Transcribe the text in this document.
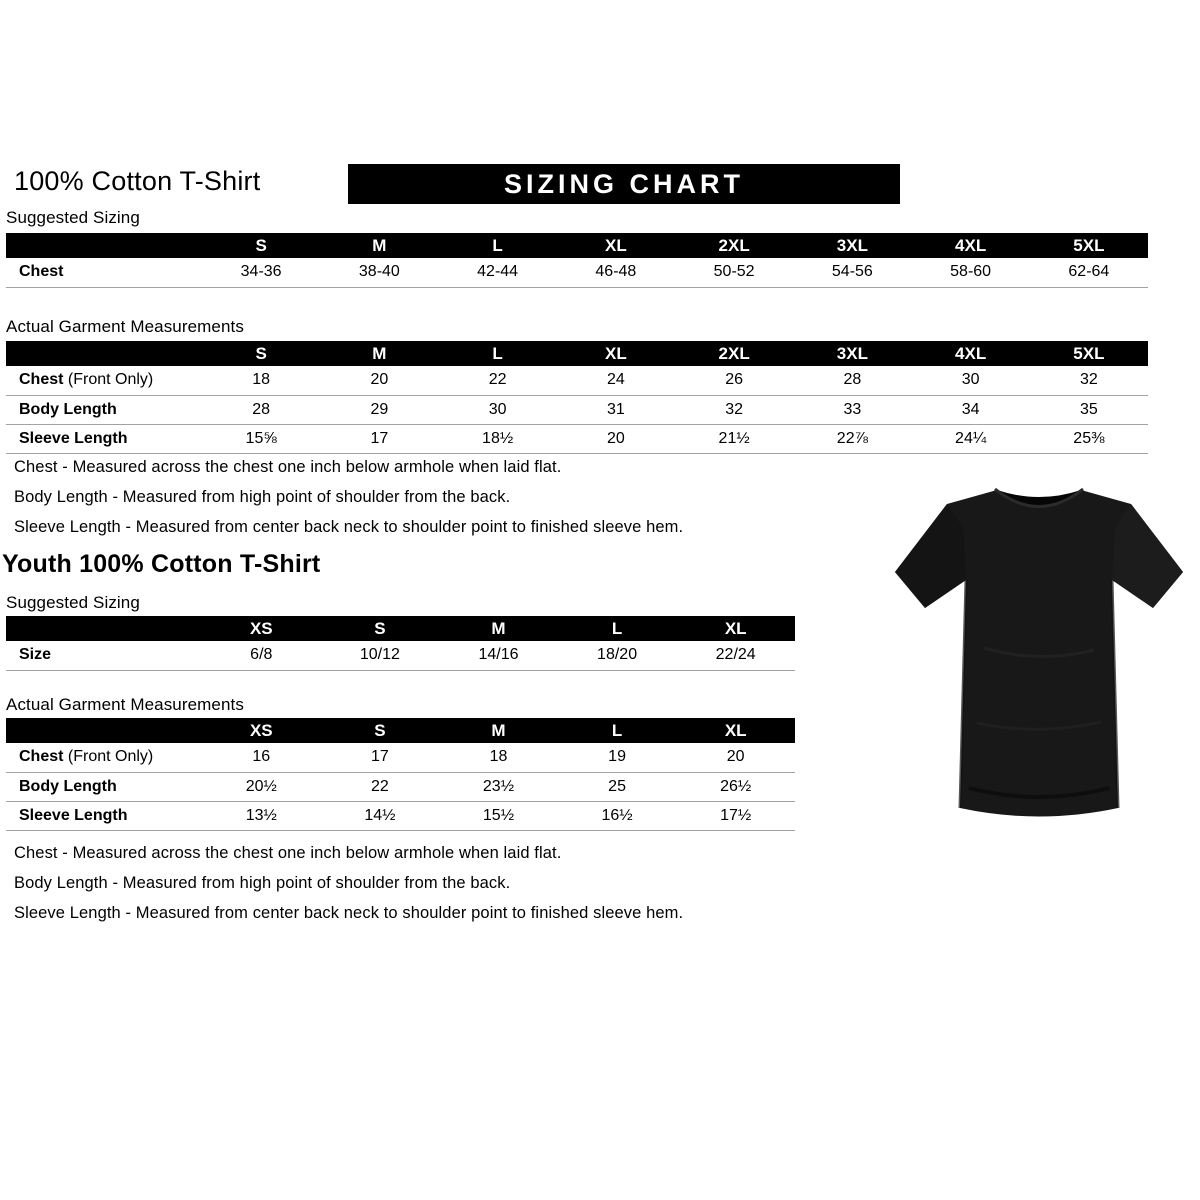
100% Cotton T-Shirt	SIZING CHART
Suggested Sizing
	S	M	L	XL	2XL	3XL	4XL	5XL
Chest	34-36	38-40	42-44	46-48	50-52	54-56	58-60	62-64
Actual Garment Measurements
	S	M	L	XL	2XL	3XL	4XL	5XL
Chest (Front Only)	18	20	22	24	26	28	30	32
Body Length	28	29	30	31	32	33	34	35
Sleeve Length	15⅝	17	18½	20	21½	22⅞	24¼	25⅜

Chest - Measured across the chest one inch below armhole when laid flat.

Body Length - Measured from high point of shoulder from the back.

Sleeve Length - Measured from center back neck to shoulder point to finished sleeve hem.

Youth 100% Cotton T-Shirt
Suggested Sizing
	XS	S	M	L	XL
Size	6/8	10/12	14/16	18/20	22/24
Actual Garment Measurements
	XS	S	M	L	XL
Chest (Front Only)	16	17	18	19	20
Body Length	20½	22	23½	25	26½
Sleeve Length	13½	14½	15½	16½	17½

Chest - Measured across the chest one inch below armhole when laid flat.

Body Length - Measured from high point of shoulder from the back.

Sleeve Length - Measured from center back neck to shoulder point to finished sleeve hem.
